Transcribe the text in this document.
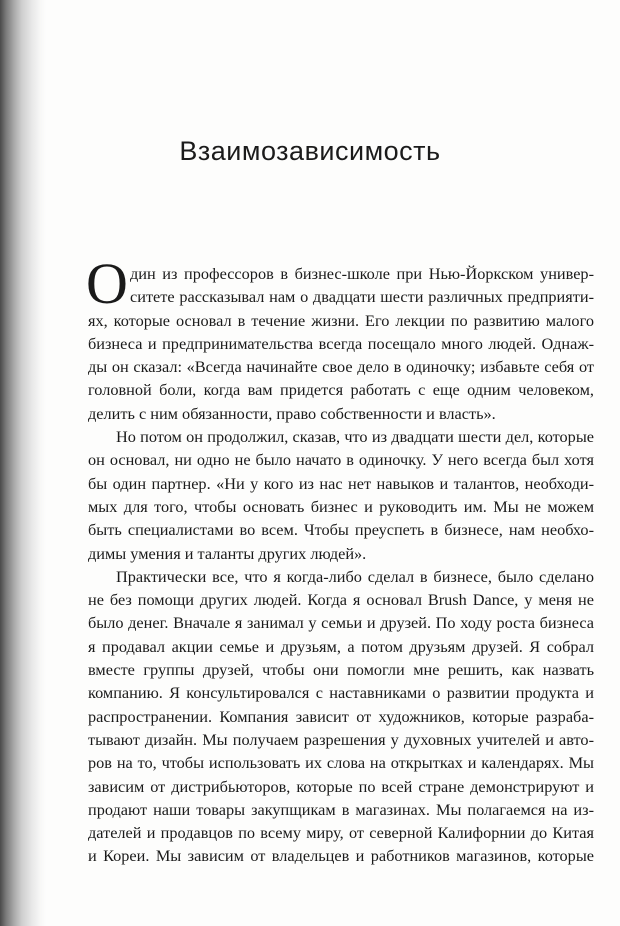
Взаимозависимость
О дин из профессоров в бизнес-школе при Нью-Йоркском универ-
ситете рассказывал нам о двадцати шести различных предприяти-
ях, которые основал в течение жизни. Его лекции по развитию малого
бизнеса и предпринимательства всегда посещало много людей. Однаж-
ды он сказал: «Всегда начинайте свое дело в одиночку; избавьте себя от
головной боли, когда вам придется работать с еще одним человеком,
делить с ним обязанности, право собственности и власть».
Но потом он продолжил, сказав, что из двадцати шести дел, которые
он основал, ни одно не было начато в одиночку. У него всегда был хотя
бы один партнер. «Ни у кого из нас нет навыков и талантов, необходи-
мых для того, чтобы основать бизнес и руководить им. Мы не можем
быть специалистами во всем. Чтобы преуспеть в бизнесе, нам необхо-
димы умения и таланты других людей».
Практически все, что я когда-либо сделал в бизнесе, было сделано
не без помощи других людей. Когда я основал Brush Dance, у меня не
было денег. Вначале я занимал у семьи и друзей. По ходу роста бизнеса
я продавал акции семье и друзьям, а потом друзьям друзей. Я собрал
вместе группы друзей, чтобы они помогли мне решить, как назвать
компанию. Я консультировался с наставниками о развитии продукта и
распространении. Компания зависит от художников, которые разраба-
тывают дизайн. Мы получаем разрешения у духовных учителей и авто-
ров на то, чтобы использовать их слова на открытках и календарях. Мы
зависим от дистрибьюторов, которые по всей стране демонстрируют и
продают наши товары закупщикам в магазинах. Мы полагаемся на из-
дателей и продавцов по всему миру, от северной Калифорнии до Китая
и Кореи. Мы зависим от владельцев и работников магазинов, которые
